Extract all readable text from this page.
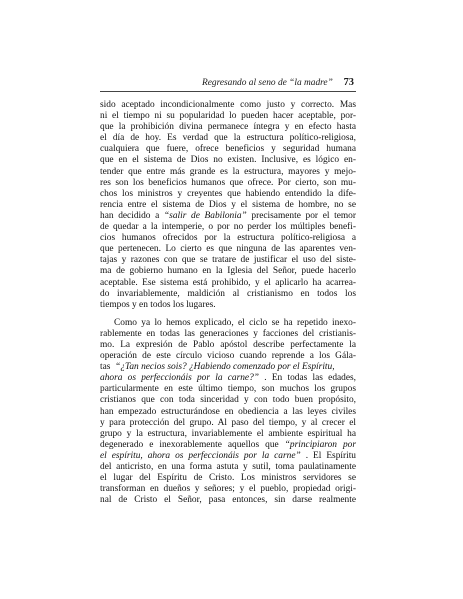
Regresando al seno de “la madre” 73
sido aceptado incondicionalmente como justo y correcto. Mas
ni el tiempo ni su popularidad lo pueden hacer aceptable, por-
que la prohibición divina permanece íntegra y en efecto hasta
el día de hoy. Es verdad que la estructura político-religiosa,
cualquiera que fuere, ofrece beneficios y seguridad humana
que en el sistema de Dios no existen. Inclusive, es lógico en-
tender que entre más grande es la estructura, mayores y mejo-
res son los beneficios humanos que ofrece. Por cierto, son mu-
chos los ministros y creyentes que habiendo entendido la dife-
rencia entre el sistema de Dios y el sistema de hombre, no se
han decidido a “salir de Babilonia” precisamente por el temor
de quedar a la intemperie, o por no perder los múltiples benefi-
cios humanos ofrecidos por la estructura político-religiosa a
que pertenecen. Lo cierto es que ninguna de las aparentes ven-
tajas y razones con que se tratare de justificar el uso del siste-
ma de gobierno humano en la Iglesia del Señor, puede hacerlo
aceptable. Ese sistema está prohibido, y el aplicarlo ha acarrea-
do invariablemente, maldición al cristianismo en todos los
tiempos y en todos los lugares.
Como ya lo hemos explicado, el ciclo se ha repetido inexo-
rablemente en todas las generaciones y facciones del cristianis-
mo. La expresión de Pablo apóstol describe perfectamente la
operación de este círculo vicioso cuando reprende a los Gála-
tas  “¿Tan necios sois? ¿Habiendo comenzado por el Espíritu,
ahora os perfeccionáis por la carne?” . En todas las edades,
particularmente en este último tiempo, son muchos los grupos
cristianos que con toda sinceridad y con todo buen propósito,
han empezado estructurándose en obediencia a las leyes civiles
y para protección del grupo. Al paso del tiempo, y al crecer el
grupo y la estructura, invariablemente el ambiente espiritual ha
degenerado e inexorablemente aquellos que “principiaron por
el espíritu, ahora os perfeccionáis por la carne” . El Espíritu
del anticristo, en una forma astuta y sutil, toma paulatinamente
el lugar del Espíritu de Cristo. Los ministros servidores se
transforman en dueños y señores; y el pueblo, propiedad origi-
nal de Cristo el Señor, pasa entonces, sin darse realmente
